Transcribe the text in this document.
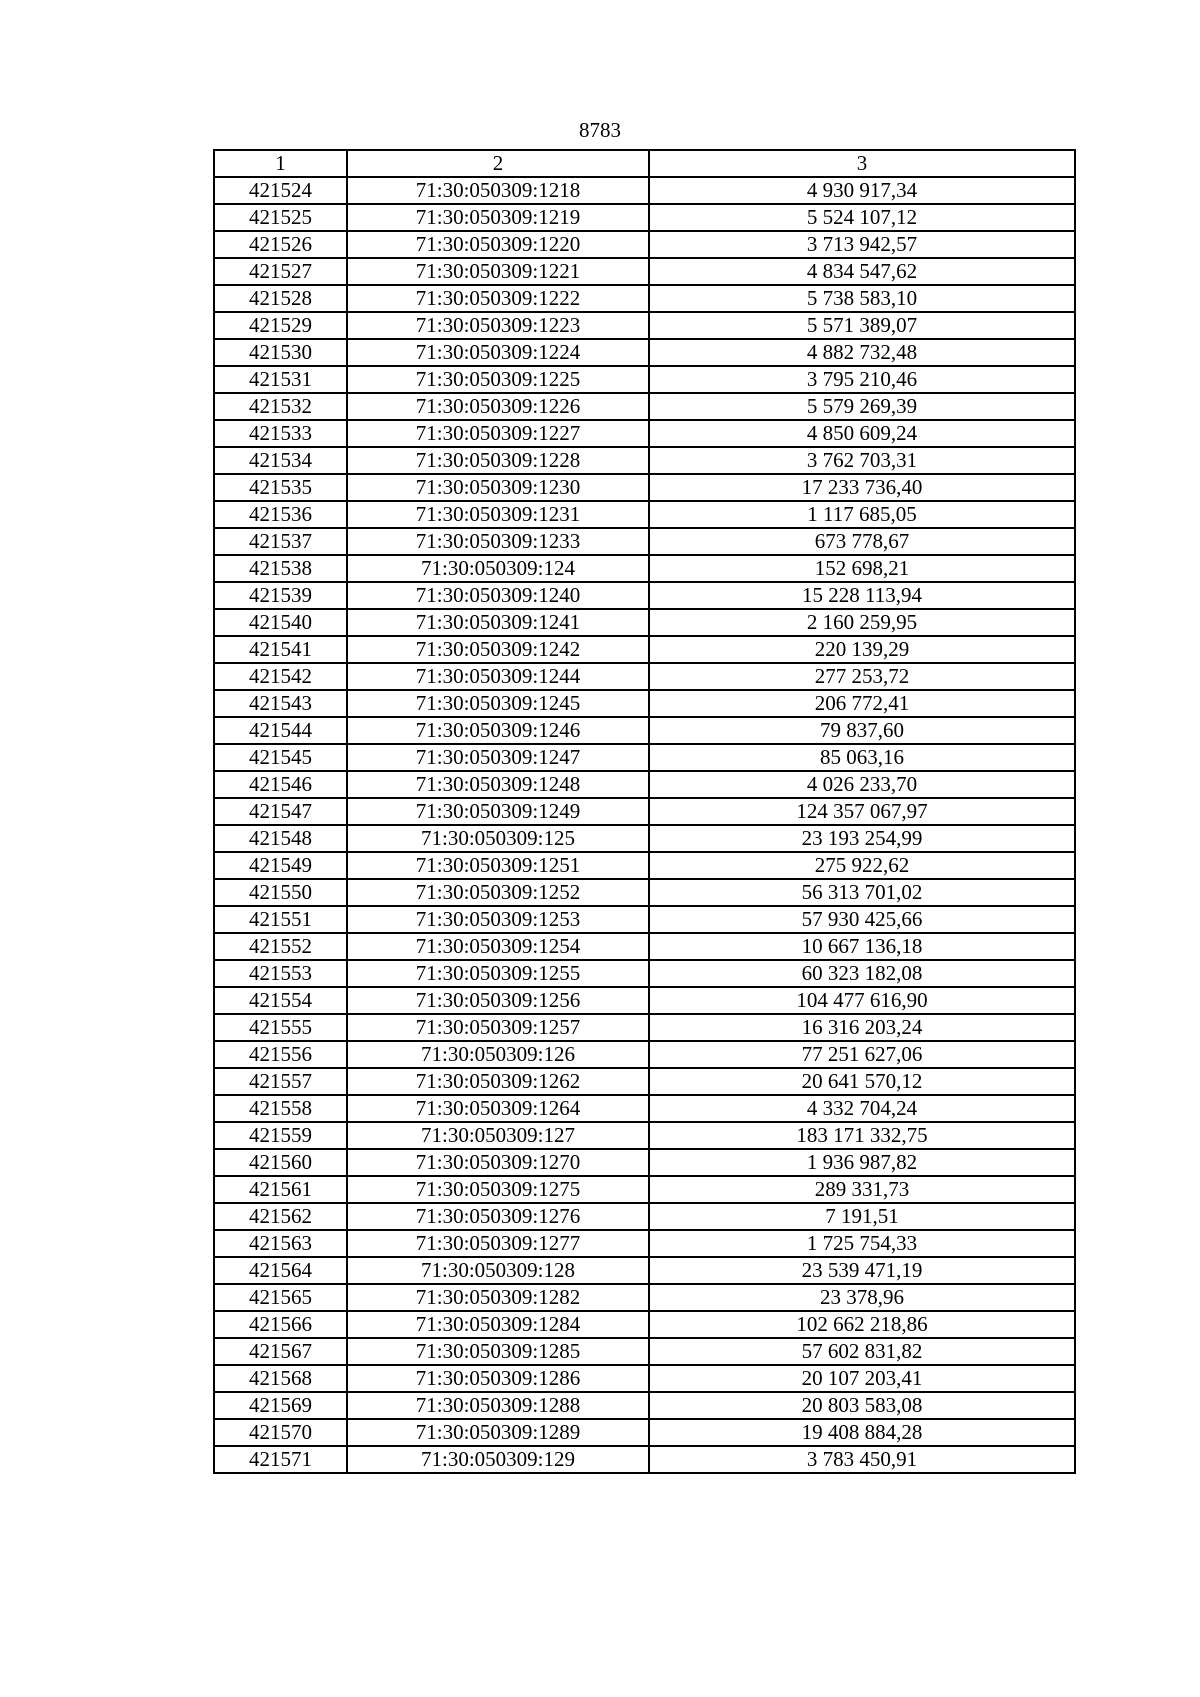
8783
1	2	3
421524	71:30:050309:1218	4 930 917,34
421525	71:30:050309:1219	5 524 107,12
421526	71:30:050309:1220	3 713 942,57
421527	71:30:050309:1221	4 834 547,62
421528	71:30:050309:1222	5 738 583,10
421529	71:30:050309:1223	5 571 389,07
421530	71:30:050309:1224	4 882 732,48
421531	71:30:050309:1225	3 795 210,46
421532	71:30:050309:1226	5 579 269,39
421533	71:30:050309:1227	4 850 609,24
421534	71:30:050309:1228	3 762 703,31
421535	71:30:050309:1230	17 233 736,40
421536	71:30:050309:1231	1 117 685,05
421537	71:30:050309:1233	673 778,67
421538	71:30:050309:124	152 698,21
421539	71:30:050309:1240	15 228 113,94
421540	71:30:050309:1241	2 160 259,95
421541	71:30:050309:1242	220 139,29
421542	71:30:050309:1244	277 253,72
421543	71:30:050309:1245	206 772,41
421544	71:30:050309:1246	79 837,60
421545	71:30:050309:1247	85 063,16
421546	71:30:050309:1248	4 026 233,70
421547	71:30:050309:1249	124 357 067,97
421548	71:30:050309:125	23 193 254,99
421549	71:30:050309:1251	275 922,62
421550	71:30:050309:1252	56 313 701,02
421551	71:30:050309:1253	57 930 425,66
421552	71:30:050309:1254	10 667 136,18
421553	71:30:050309:1255	60 323 182,08
421554	71:30:050309:1256	104 477 616,90
421555	71:30:050309:1257	16 316 203,24
421556	71:30:050309:126	77 251 627,06
421557	71:30:050309:1262	20 641 570,12
421558	71:30:050309:1264	4 332 704,24
421559	71:30:050309:127	183 171 332,75
421560	71:30:050309:1270	1 936 987,82
421561	71:30:050309:1275	289 331,73
421562	71:30:050309:1276	7 191,51
421563	71:30:050309:1277	1 725 754,33
421564	71:30:050309:128	23 539 471,19
421565	71:30:050309:1282	23 378,96
421566	71:30:050309:1284	102 662 218,86
421567	71:30:050309:1285	57 602 831,82
421568	71:30:050309:1286	20 107 203,41
421569	71:30:050309:1288	20 803 583,08
421570	71:30:050309:1289	19 408 884,28
421571	71:30:050309:129	3 783 450,91
